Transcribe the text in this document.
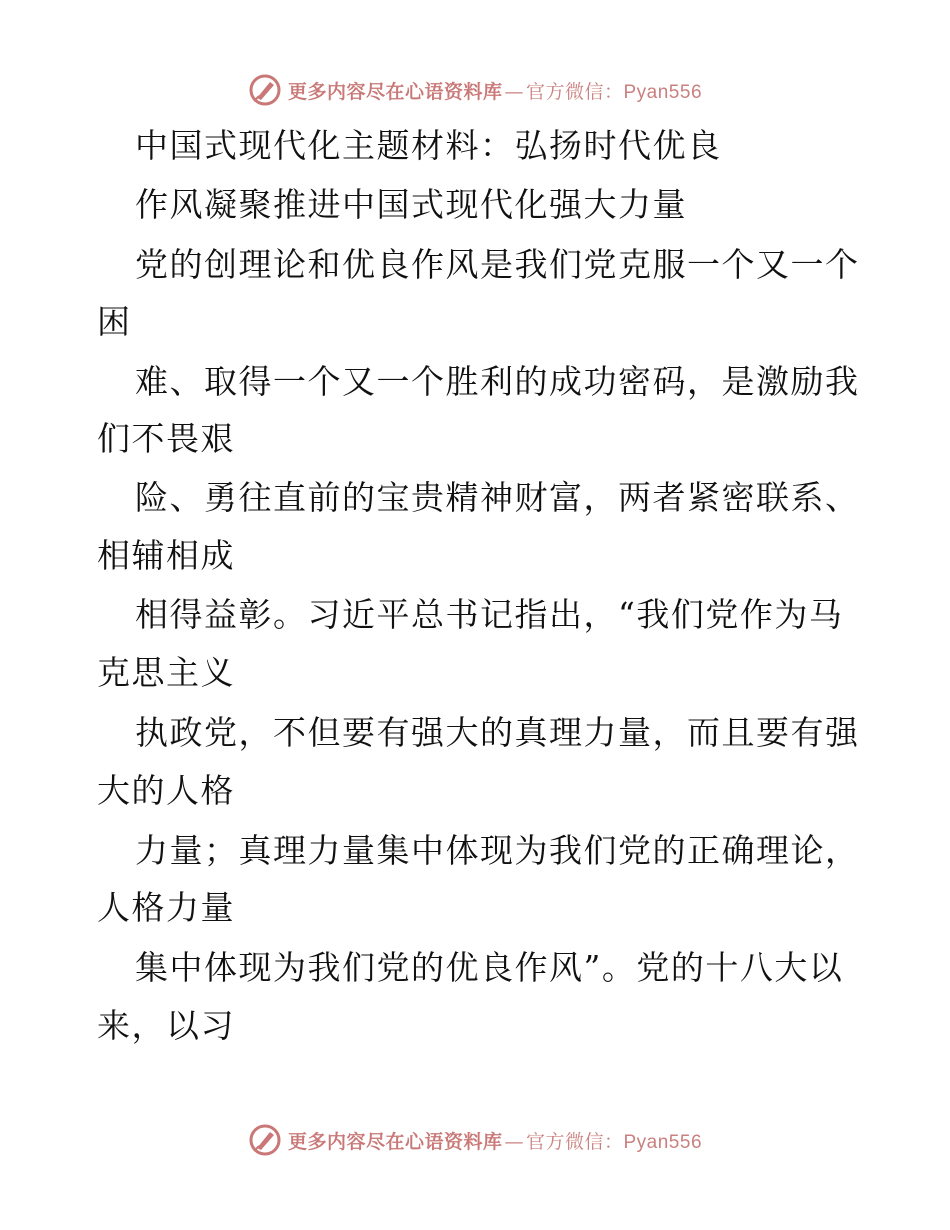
更多内容尽在心语资料库 — 官方微信： Pyan556
中国式现代化主题材料：弘扬时代优良
作风凝聚推进中国式现代化强大力量
党的创理论和优良作风是我们党克服一个又一个
困
难、取得一个又一个胜利的成功密码，是激励我
们不畏艰
险、勇往直前的宝贵精神财富，两者紧密联系、
相辅相成
相得益彰。习近平总书记指出，“我们党作为马
克思主义
执政党，不但要有强大的真理力量，而且要有强
大的人格
力量；真理力量集中体现为我们党的正确理论，
人格力量
集中体现为我们党的优良作风”。党的十八大以
来，以习
更多内容尽在心语资料库 — 官方微信： Pyan556
